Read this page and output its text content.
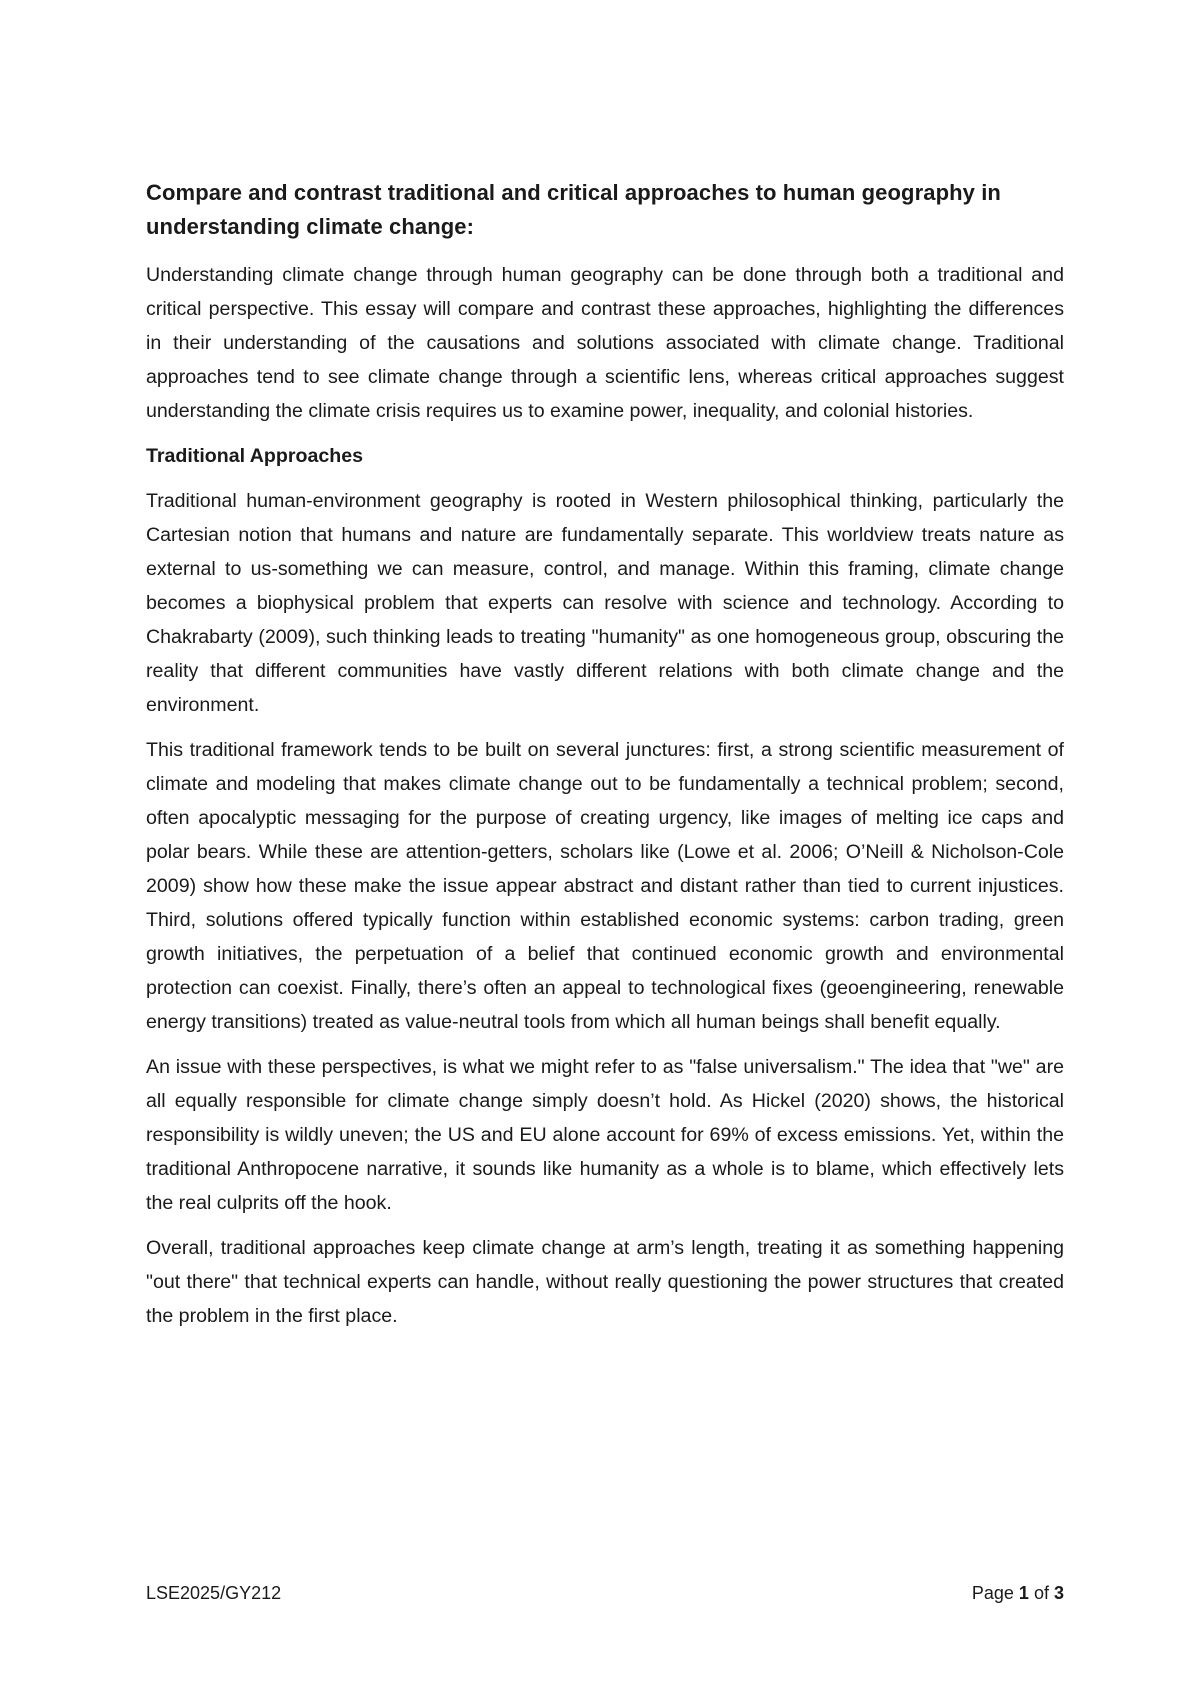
Compare and contrast traditional and critical approaches to human geography in understanding climate change:

Understanding climate change through human geography can be done through both a traditional and critical perspective. This essay will compare and contrast these approaches, highlighting the differences in their understanding of the causations and solutions associated with climate change. Traditional approaches tend to see climate change through a scientific lens, whereas critical approaches suggest understanding the climate crisis requires us to examine power, inequality, and colonial histories.

Traditional Approaches

Traditional human-environment geography is rooted in Western philosophical thinking, particularly the Cartesian notion that humans and nature are fundamentally separate. This worldview treats nature as external to us-something we can measure, control, and manage. Within this framing, climate change becomes a biophysical problem that experts can resolve with science and technology. According to Chakrabarty (2009), such thinking leads to treating "humanity" as one homogeneous group, obscuring the reality that different communities have vastly different relations with both climate change and the environment.

This traditional framework tends to be built on several junctures: first, a strong scientific measurement of climate and modeling that makes climate change out to be fundamentally a technical problem; second, often apocalyptic messaging for the purpose of creating urgency, like images of melting ice caps and polar bears. While these are attention-getters, scholars like (Lowe et al. 2006; O’Neill & Nicholson-Cole 2009) show how these make the issue appear abstract and distant rather than tied to current injustices. Third, solutions offered typically function within established economic systems: carbon trading, green growth initiatives, the perpetuation of a belief that continued economic growth and environmental protection can coexist. Finally, there’s often an appeal to technological fixes (geoengineering, renewable energy transitions) treated as value-neutral tools from which all human beings shall benefit equally.

An issue with these perspectives, is what we might refer to as "false universalism." The idea that "we" are all equally responsible for climate change simply doesn’t hold. As Hickel (2020) shows, the historical responsibility is wildly uneven; the US and EU alone account for 69% of excess emissions. Yet, within the traditional Anthropocene narrative, it sounds like humanity as a whole is to blame, which effectively lets the real culprits off the hook.

Overall, traditional approaches keep climate change at arm’s length, treating it as something happening "out there" that technical experts can handle, without really questioning the power structures that created the problem in the first place.

LSE2025/GY212	Page 1 of 3
